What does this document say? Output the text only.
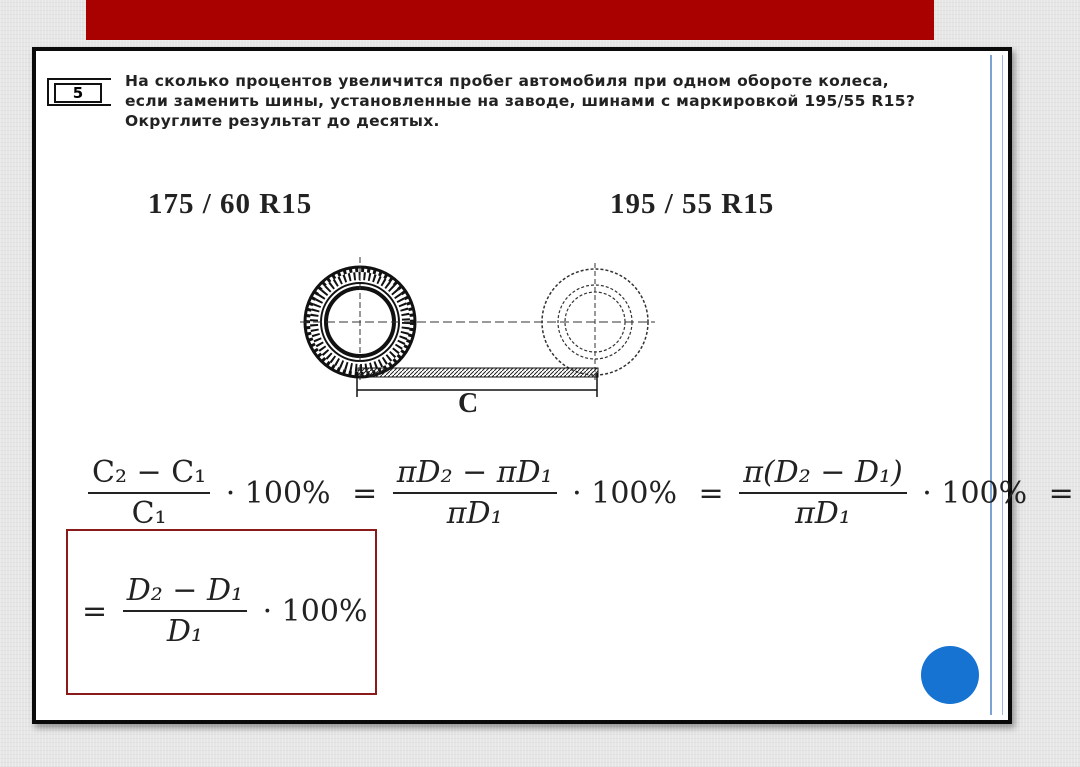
5
На сколько процентов увеличится пробег автомобиля при одном обороте колеса,
если заменить шины, установленные на заводе, шинами с маркировкой 195/55 R15?
Округлите результат до десятых.
175 / 60 R15	195 / 55 R15
C
$\frac{\text{C₂ − C₁}}{\text{C₁}} \cdot 100\% = \frac{\text{πD₂ − πD₁}}{\text{πD₁}} \cdot 100\% = \frac{\text{π(D₂ − D₁)}}{\text{πD₁}} \cdot 100\%$ =
= $\frac{\text{D₂ − D₁}}{\text{D₁}} \cdot 100\%$
